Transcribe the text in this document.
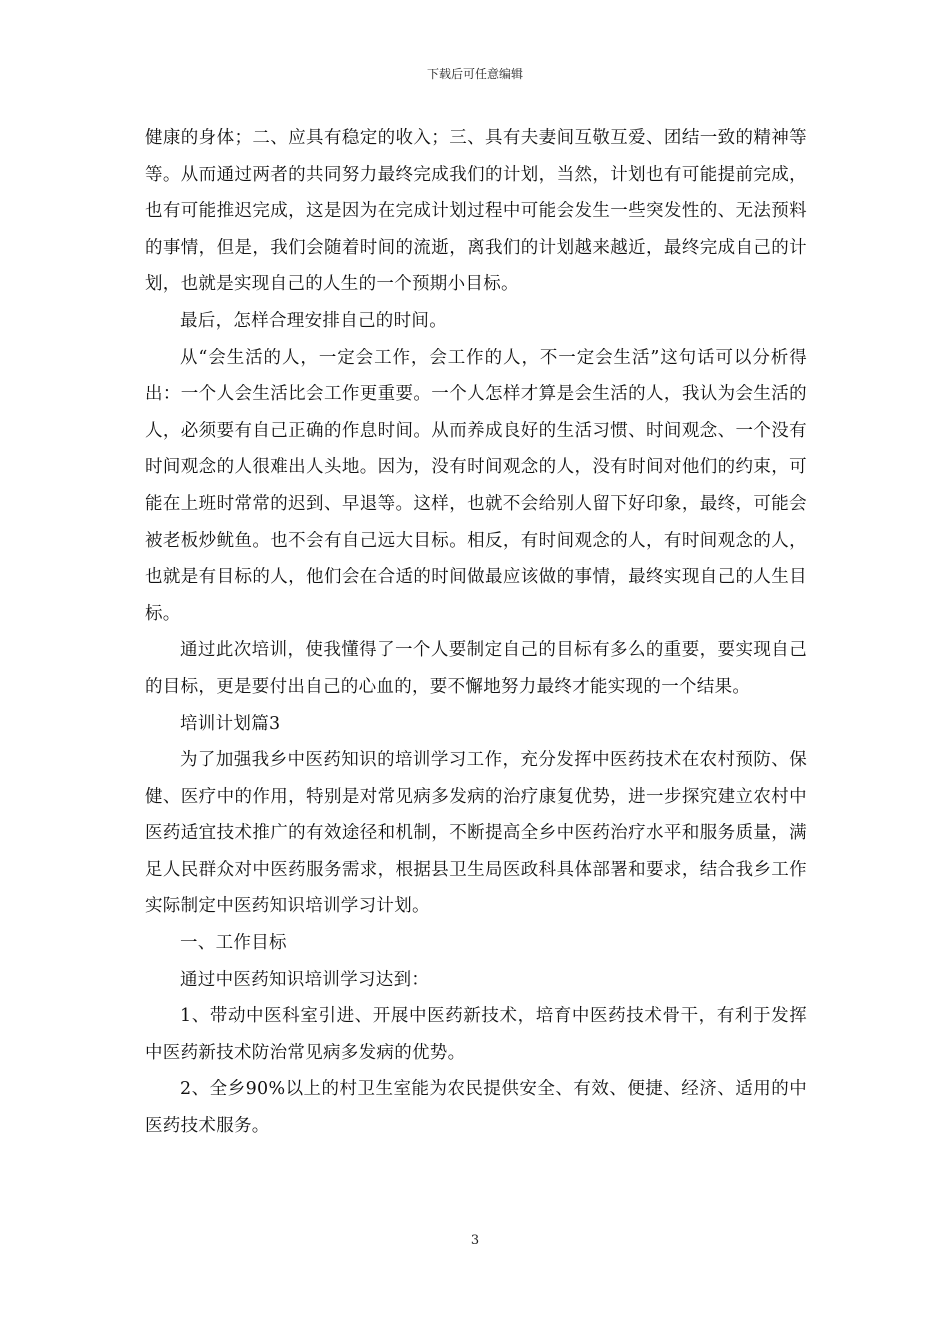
下载后可任意编辑

健康的身体；二、应具有稳定的收入；三、具有夫妻间互敬互爱、团结一致的精神等等。从而通过两者的共同努力最终完成我们的计划，当然，计划也有可能提前完成，也有可能推迟完成，这是因为在完成计划过程中可能会发生一些突发性的、无法预料的事情，但是，我们会随着时间的流逝，离我们的计划越来越近，最终完成自己的计划，也就是实现自己的人生的一个预期小目标。

最后，怎样合理安排自己的时间。

从“会生活的人，一定会工作，会工作的人，不一定会生活”这句话可以分析得出：一个人会生活比会工作更重要。一个人怎样才算是会生活的人，我认为会生活的人，必须要有自己正确的作息时间。从而养成良好的生活习惯、时间观念、一个没有时间观念的人很难出人头地。因为，没有时间观念的人，没有时间对他们的约束，可能在上班时常常的迟到、早退等。这样，也就不会给别人留下好印象，最终，可能会被老板炒鱿鱼。也不会有自己远大目标。相反，有时间观念的人，有时间观念的人，也就是有目标的人，他们会在合适的时间做最应该做的事情，最终实现自己的人生目标。

通过此次培训，使我懂得了一个人要制定自己的目标有多么的重要，要实现自己的目标，更是要付出自己的心血的，要不懈地努力最终才能实现的一个结果。

培训计划篇3

为了加强我乡中医药知识的培训学习工作，充分发挥中医药技术在农村预防、保健、医疗中的作用，特别是对常见病多发病的治疗康复优势，进一步探究建立农村中医药适宜技术推广的有效途径和机制，不断提高全乡中医药治疗水平和服务质量，满足人民群众对中医药服务需求，根据县卫生局医政科具体部署和要求，结合我乡工作实际制定中医药知识培训学习计划。

一、工作目标

通过中医药知识培训学习达到：

1、带动中医科室引进、开展中医药新技术，培育中医药技术骨干，有利于发挥中医药新技术防治常见病多发病的优势。

2、全乡90%以上的村卫生室能为农民提供安全、有效、便捷、经济、适用的中医药技术服务。

3
